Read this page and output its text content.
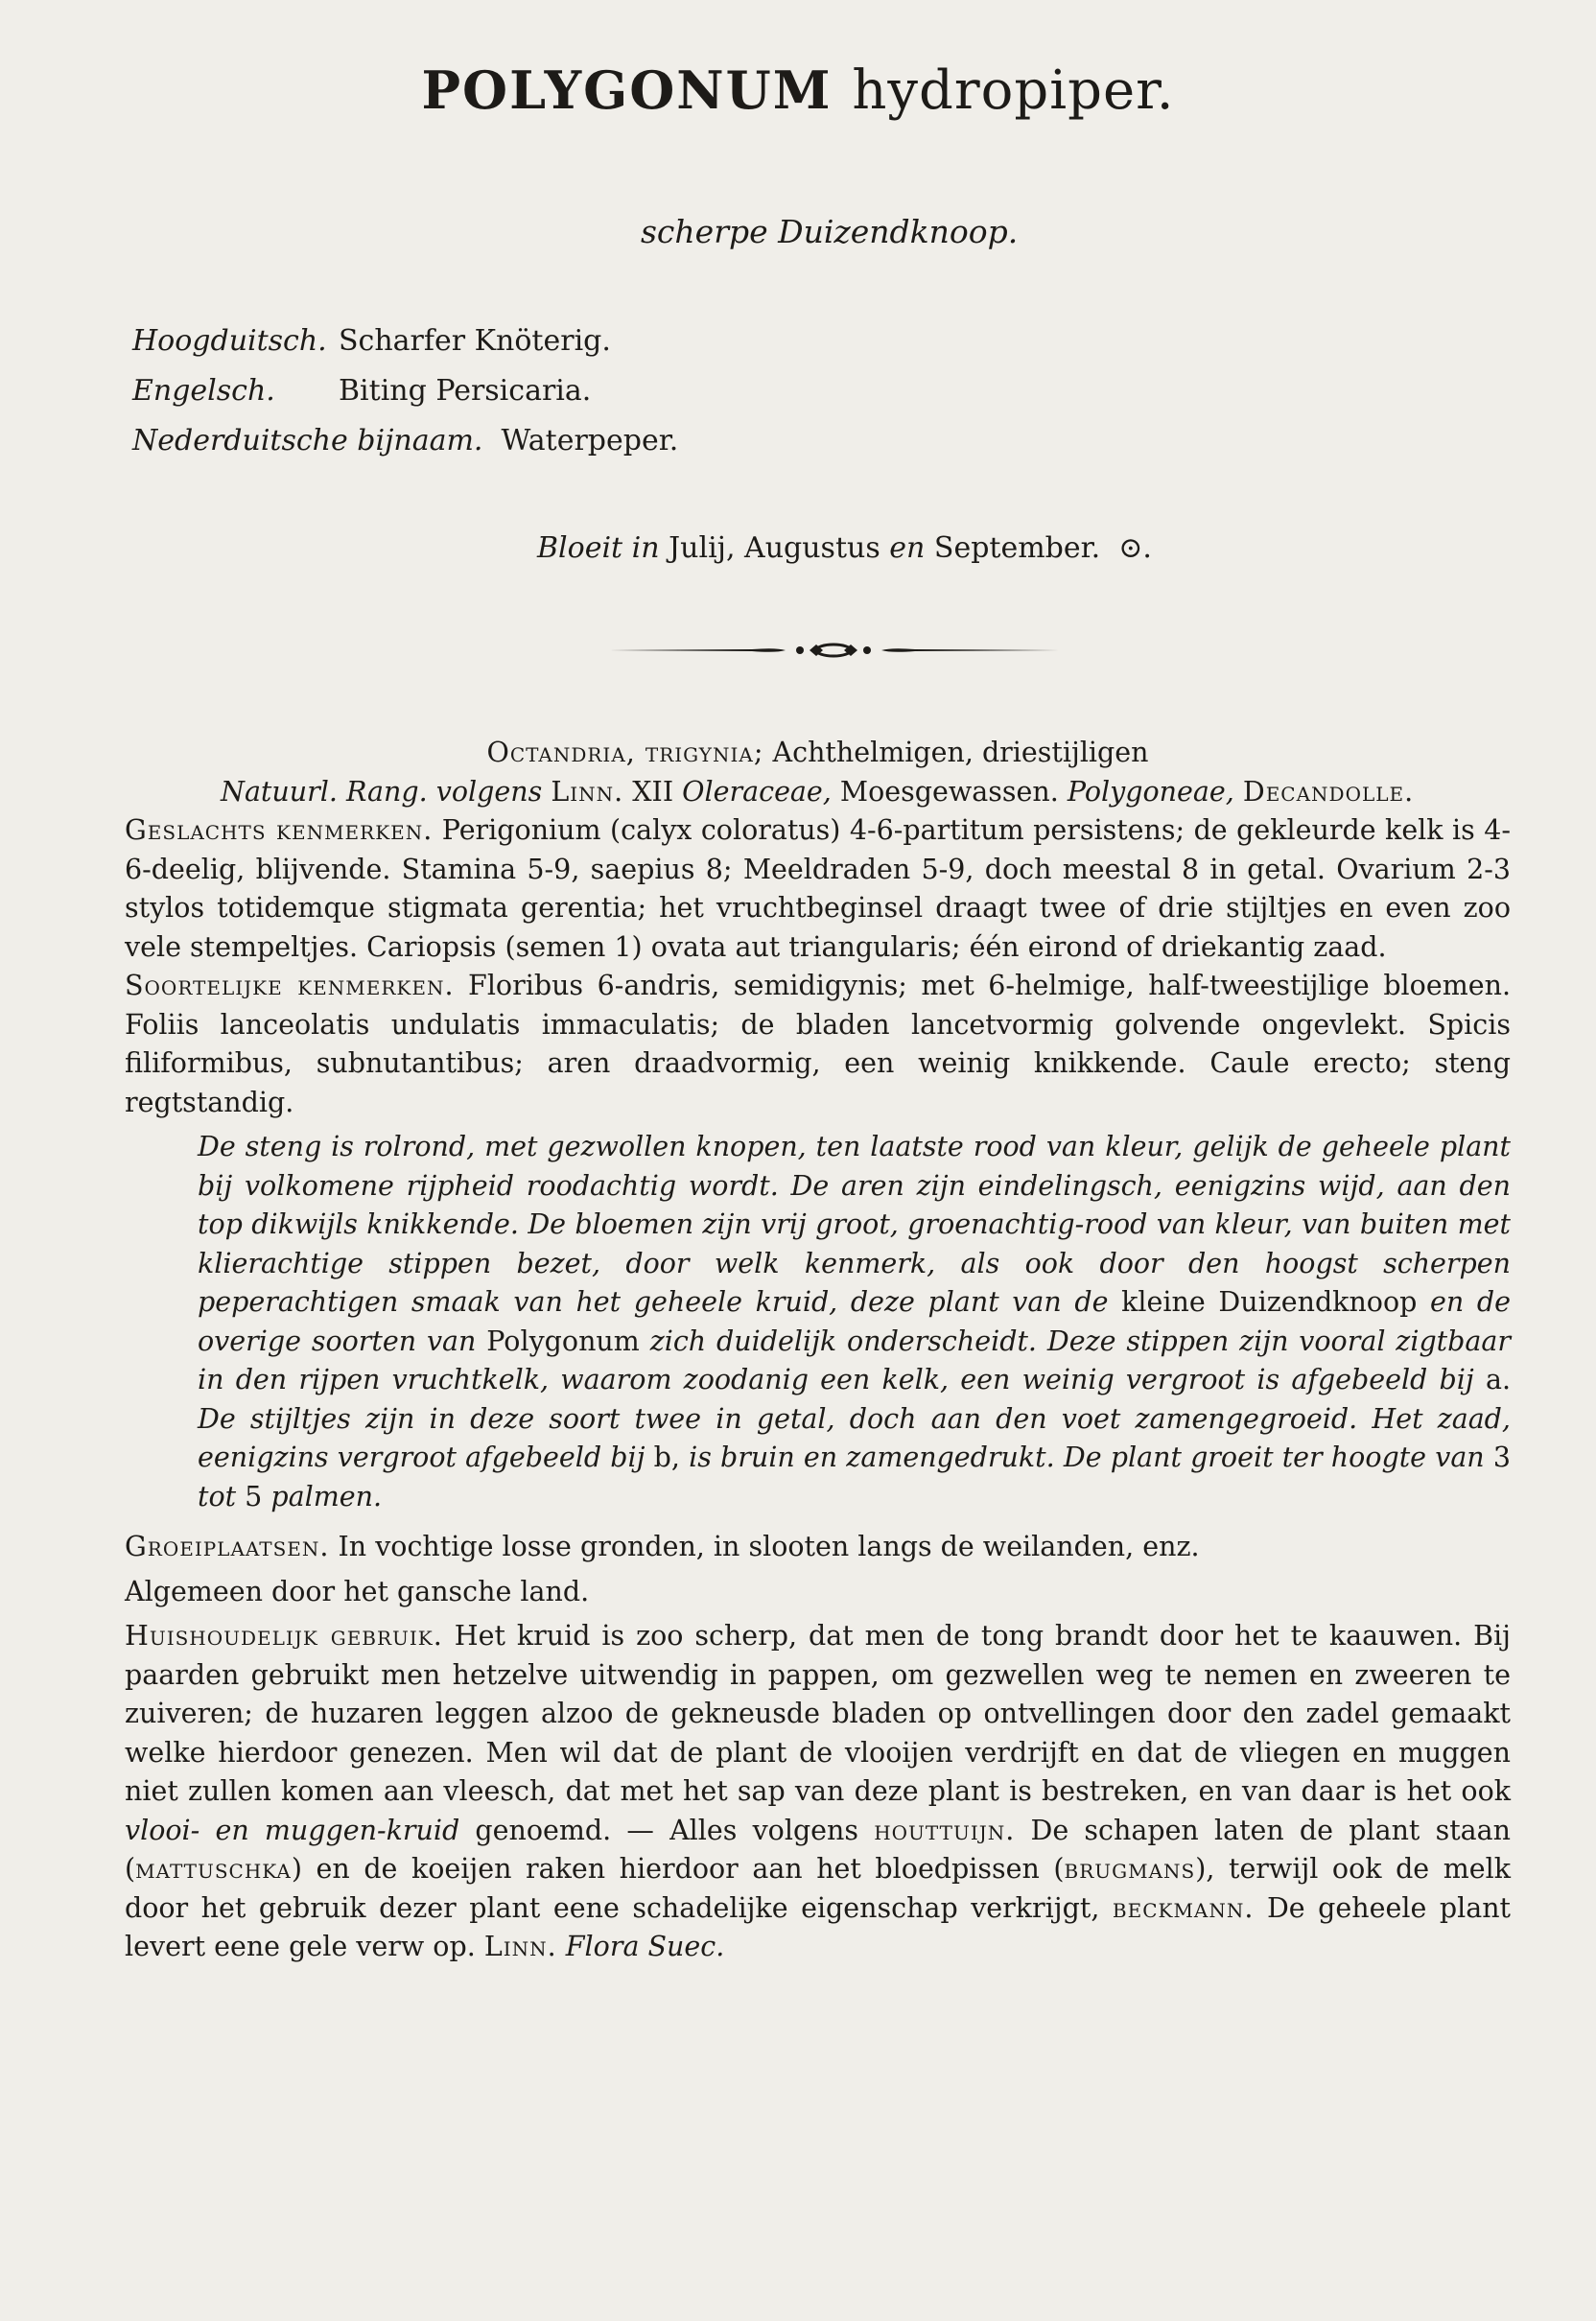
POLYGONUM hydropiper.
scherpe Duizendknoop.
Hoogduitsch. Scharfer Knöterig.
Engelsch. Biting Persicaria.
Nederduitsche bijnaam. Waterpeper.
Bloeit in Julij, Augustus en September. ⊙.

Octandria, trigynia; Achthelmigen, driestijligen

Natuurl. Rang. volgens Linn. XII Oleraceae, Moesgewassen. Polygoneae, Decandolle.

Geslachts kenmerken. Perigonium (calyx coloratus) 4-6-partitum persistens; de gekleurde kelk is 4-6-deelig, blijvende. Stamina 5-9, saepius 8; Meeldraden 5-9, doch meestal 8 in getal. Ovarium 2-3 stylos totidemque stigmata gerentia; het vruchtbeginsel draagt twee of drie stijltjes en even zoo vele stempeltjes. Cariopsis (semen 1) ovata aut triangularis; één eirond of driekantig zaad.

Soortelijke kenmerken. Floribus 6-andris, semidigynis; met 6-helmige, half-tweestijlige bloemen. Foliis lanceolatis undulatis immaculatis; de bladen lancetvormig golvende ongevlekt. Spicis filiformibus, subnutantibus; aren draadvormig, een weinig knikkende. Caule erecto; steng regtstandig.

De steng is rolrond, met gezwollen knopen, ten laatste rood van kleur, gelijk de geheele plant bij volkomene rijpheid roodachtig wordt. De aren zijn eindelingsch, eenigzins wijd, aan den top dikwijls knikkende. De bloemen zijn vrij groot, groenachtig-rood van kleur, van buiten met klierachtige stippen bezet, door welk kenmerk, als ook door den hoogst scherpen peperachtigen smaak van het geheele kruid, deze plant van de kleine Duizendknoop en de overige soorten van Polygonum zich duidelijk onderscheidt. Deze stippen zijn vooral zigtbaar in den rijpen vruchtkelk, waarom zoodanig een kelk, een weinig vergroot is afgebeeld bij a. De stijltjes zijn in deze soort twee in getal, doch aan den voet zamengegroeid. Het zaad, eenigzins vergroot afgebeeld bij b, is bruin en zamengedrukt. De plant groeit ter hoogte van 3 tot 5 palmen.

Groeiplaatsen. In vochtige losse gronden, in slooten langs de weilanden, enz.

Algemeen door het gansche land.

Huishoudelijk gebruik. Het kruid is zoo scherp, dat men de tong brandt door het te kaauwen. Bij paarden gebruikt men hetzelve uitwendig in pappen, om gezwellen weg te nemen en zweeren te zuiveren; de huzaren leggen alzoo de gekneusde bladen op ontvellingen door den zadel gemaakt welke hierdoor genezen. Men wil dat de plant de vlooijen verdrijft en dat de vliegen en muggen niet zullen komen aan vleesch, dat met het sap van deze plant is bestreken, en van daar is het ook vlooi- en muggen-kruid genoemd. — Alles volgens houttuijn. De schapen laten de plant staan (mattuschka) en de koeijen raken hierdoor aan het bloedpissen (brugmans), terwijl ook de melk door het gebruik dezer plant eene schadelijke eigenschap verkrijgt, beckmann. De geheele plant levert eene gele verw op. Linn. Flora Suec.
